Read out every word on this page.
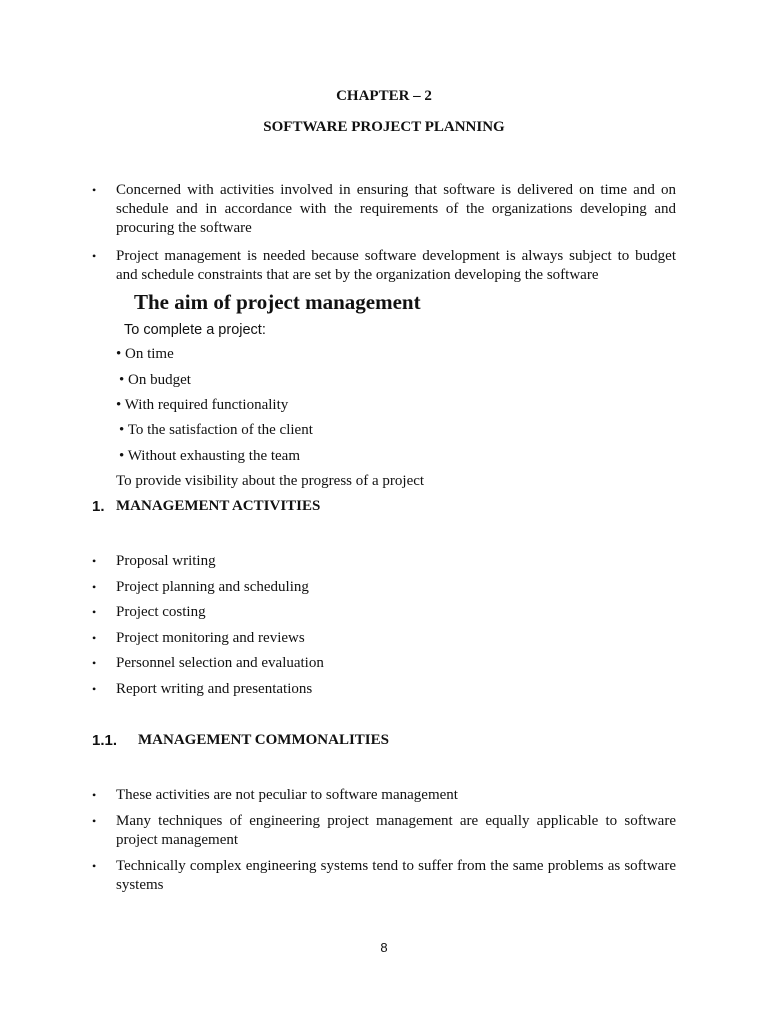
CHAPTER – 2
SOFTWARE PROJECT PLANNING
•	Concerned with activities involved in ensuring that software is delivered on time and on schedule and in accordance with the requirements of the organizations developing and procuring the software
•	Project management is needed because software development is always subject to budget and schedule constraints that are set by the organization developing the software
The aim of project management
To complete a project:
• On time
• On budget
• With required functionality
• To the satisfaction of the client
• Without exhausting the team
To provide visibility about the progress of a project
1. MANAGEMENT ACTIVITIES
•	Proposal writing
•	Project planning and scheduling
•	Project costing
•	Project monitoring and reviews
•	Personnel selection and evaluation
•	Report writing and presentations
1.1. MANAGEMENT COMMONALITIES
•	These activities are not peculiar to software management
•	Many techniques of engineering project management are equally applicable to software project management
•	Technically complex engineering systems tend to suffer from the same problems as software systems
8
